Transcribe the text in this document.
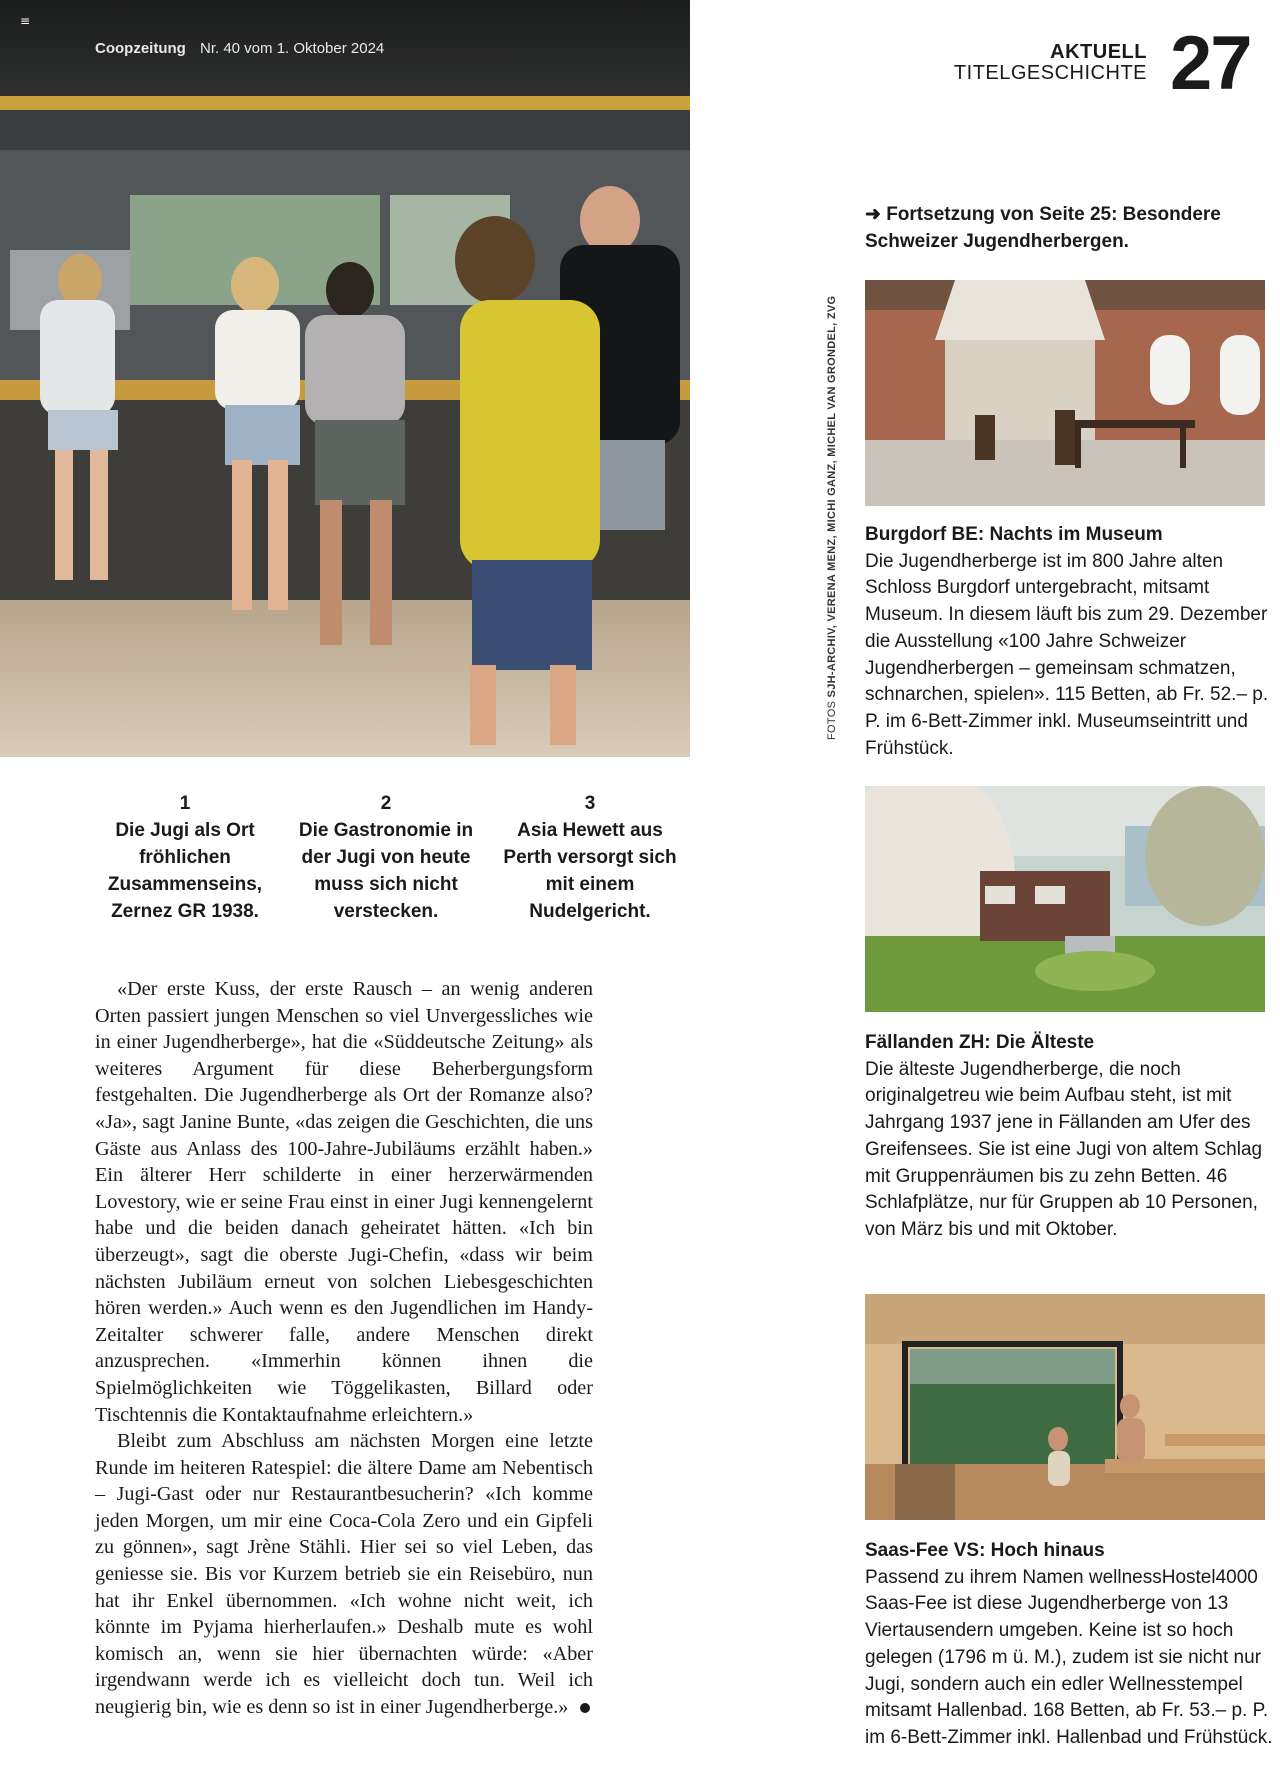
≡
Coopzeitung Nr. 40 vom 1. Oktober 2024	AKTUELL
TITELGESCHICHTE 27
1
Die Jugi als Ort fröhlichen Zusammenseins, Zernez GR 1938.
2
Die Gastronomie in der Jugi von heute muss sich nicht verstecken.
3
Asia Hewett aus Perth versorgt sich mit einem Nudelgericht.

«Der erste Kuss, der erste Rausch – an wenig anderen Orten passiert jungen Menschen so viel Unvergessliches wie in einer Jugendherberge», hat die «Süddeutsche Zeitung» als weiteres Argument für diese Beherbergungsform festgehalten. Die Jugendherberge als Ort der Romanze also? «Ja», sagt Janine Bunte, «das zeigen die Geschichten, die uns Gäste aus Anlass des 100-Jahre-Jubiläums erzählt haben.» Ein älterer Herr schilderte in einer herzerwärmenden Lovestory, wie er seine Frau einst in einer Jugi kennengelernt habe und die beiden danach geheiratet hätten. «Ich bin überzeugt», sagt die oberste Jugi-Chefin, «dass wir beim nächsten Jubiläum erneut von solchen Liebesgeschichten hören werden.» Auch wenn es den Jugendlichen im Handy-Zeitalter schwerer falle, andere Menschen direkt anzusprechen. «Immerhin können ihnen die Spielmöglichkeiten wie Töggelikasten, Billard oder Tischtennis die Kontaktaufnahme erleichtern.»

Bleibt zum Abschluss am nächsten Morgen eine letzte Runde im heiteren Ratespiel: die ältere Dame am Nebentisch – Jugi-Gast oder nur Restaurantbesucherin? «Ich komme jeden Morgen, um mir eine Coca-Cola Zero und ein Gipfeli zu gönnen», sagt Jrène Stähli. Hier sei so viel Leben, das geniesse sie. Bis vor Kurzem betrieb sie ein Reisebüro, nun hat ihr Enkel übernommen. «Ich wohne nicht weit, ich könnte im Pyjama hierherlaufen.» Deshalb mute es wohl komisch an, wenn sie hier übernachten würde: «Aber irgendwann werde ich es vielleicht doch tun. Weil ich neugierig bin, wie es denn so ist in einer Jugendherberge.»

FOTOS SJH-ARCHIV, VERENA MENZ, MICHI GANZ, MICHEL VAN GRONDEL, ZVG
➜ Fortsetzung von Seite 25: Besondere Schweizer Jugendherbergen.
Burgdorf BE: Nachts im Museum
Die Jugendherberge ist im 800 Jahre alten Schloss Burgdorf untergebracht, mitsamt Museum. In diesem läuft bis zum 29. Dezember die Ausstellung «100 Jahre Schweizer Jugendherbergen – gemeinsam schmatzen, schnarchen, spielen». 115 Betten, ab Fr. 52.– p. P. im 6-Bett-Zimmer inkl. Museumseintritt und Frühstück.
Fällanden ZH: Die Älteste
Die älteste Jugendherberge, die noch originalgetreu wie beim Aufbau steht, ist mit Jahrgang 1937 jene in Fällanden am Ufer des Greifensees. Sie ist eine Jugi von altem Schlag mit Gruppenräumen bis zu zehn Betten. 46 Schlafplätze, nur für Gruppen ab 10 Personen, von März bis und mit Oktober.
Saas-Fee VS: Hoch hinaus
Passend zu ihrem Namen wellnessHostel4000 Saas-Fee ist diese Jugendherberge von 13 Viertausendern umgeben. Keine ist so hoch gelegen (1796 m ü. M.), zudem ist sie nicht nur Jugi, sondern auch ein edler Wellnesstempel mitsamt Hallenbad. 168 Betten, ab Fr. 53.– p. P. im 6-Bett-Zimmer inkl. Hallenbad und Frühstück.
